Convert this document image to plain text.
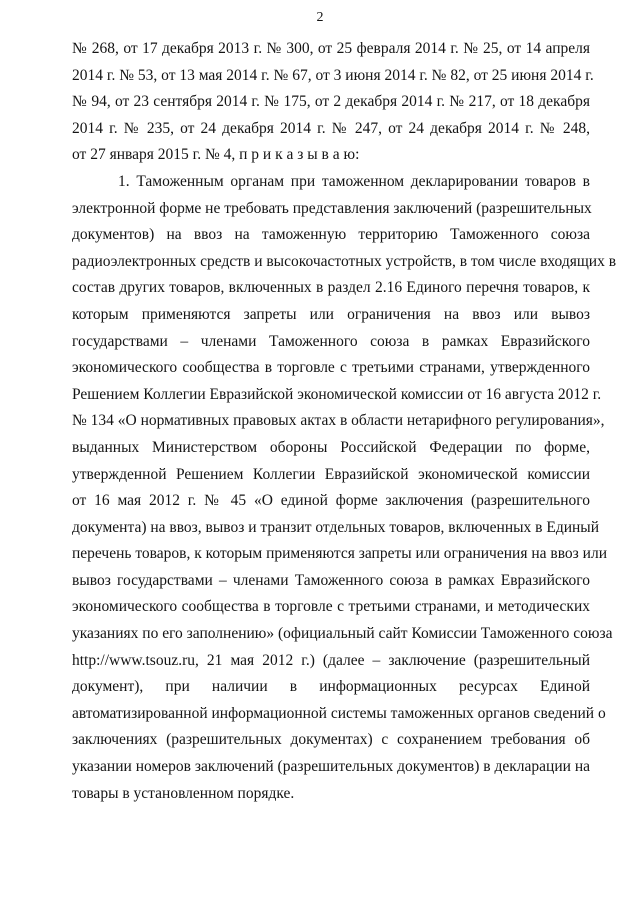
2
№ 268, от 17 декабря 2013 г. № 300, от 25 февраля 2014 г. № 25, от 14 апреля
2014 г. № 53, от 13 мая 2014 г. № 67, от 3 июня 2014 г. № 82, от 25 июня 2014 г.
№ 94, от 23 сентября 2014 г. № 175, от 2 декабря 2014 г. № 217, от 18 декабря
2014 г. № 235, от 24 декабря 2014 г. № 247, от 24 декабря 2014 г. № 248,
от 27 января 2015 г. № 4, п р и к а з ы в а ю:
1. Таможенным органам при таможенном декларировании товаров в
электронной форме не требовать представления заключений (разрешительных
документов) на ввоз на таможенную территорию Таможенного союза
радиоэлектронных средств и высокочастотных устройств, в том числе входящих в
состав других товаров, включенных в раздел 2.16 Единого перечня товаров, к
которым применяются запреты или ограничения на ввоз или вывоз
государствами – членами Таможенного союза в рамках Евразийского
экономического сообщества в торговле с третьими странами, утвержденного
Решением Коллегии Евразийской экономической комиссии от 16 августа 2012 г.
№ 134 «О нормативных правовых актах в области нетарифного регулирования»,
выданных Министерством обороны Российской Федерации по форме,
утвержденной Решением Коллегии Евразийской экономической комиссии
от 16 мая 2012 г. № 45 «О единой форме заключения (разрешительного
документа) на ввоз, вывоз и транзит отдельных товаров, включенных в Единый
перечень товаров, к которым применяются запреты или ограничения на ввоз или
вывоз государствами – членами Таможенного союза в рамках Евразийского
экономического сообщества в торговле с третьими странами, и методических
указаниях по его заполнению» (официальный сайт Комиссии Таможенного союза
http://www.tsouz.ru, 21 мая 2012 г.) (далее – заключение (разрешительный
документ), при наличии в информационных ресурсах Единой
автоматизированной информационной системы таможенных органов сведений о
заключениях (разрешительных документах) с сохранением требования об
указании номеров заключений (разрешительных документов) в декларации на
товары в установленном порядке.
